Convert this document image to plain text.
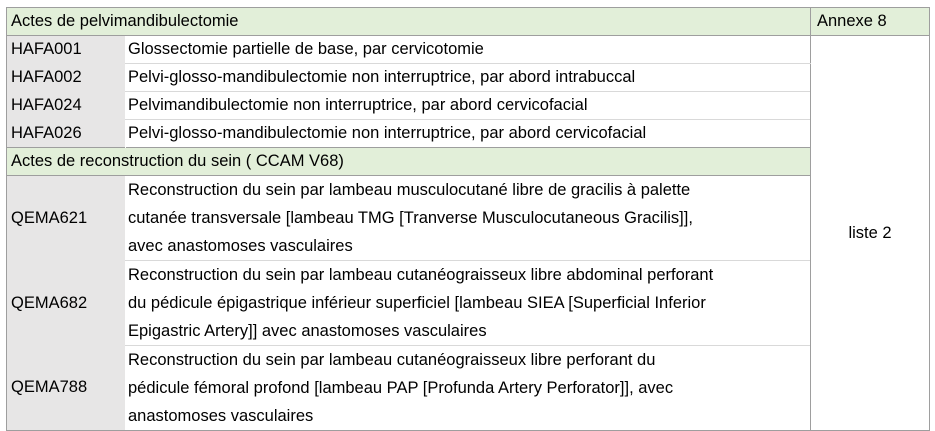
Actes de pelvimandibulectomie		Annexe 8
HAFA001	Glossectomie partielle de base, par cervicotomie	liste 2
HAFA002	Pelvi-glosso-mandibulectomie non interruptrice, par abord intrabuccal	
HAFA024	Pelvimandibulectomie non interruptrice, par abord cervicofacial	
HAFA026	Pelvi-glosso-mandibulectomie non interruptrice, par abord cervicofacial	
Actes de reconstruction du sein ( CCAM V68)		
QEMA621	Reconstruction du sein par lambeau musculocutané libre de gracilis à palette
cutanée transversale [lambeau TMG [Tranverse Musculocutaneous Gracilis]],
avec anastomoses vasculaires	

QEMA682	Reconstruction du sein par lambeau cutanéograisseux libre abdominal perforant
du pédicule épigastrique inférieur superficiel [lambeau SIEA [Superficial Inferior
Epigastric Artery]] avec anastomoses vasculaires	

QEMA788	Reconstruction du sein par lambeau cutanéograisseux libre perforant du
pédicule fémoral profond [lambeau PAP [Profunda Artery Perforator]], avec
anastomoses vasculaires	
